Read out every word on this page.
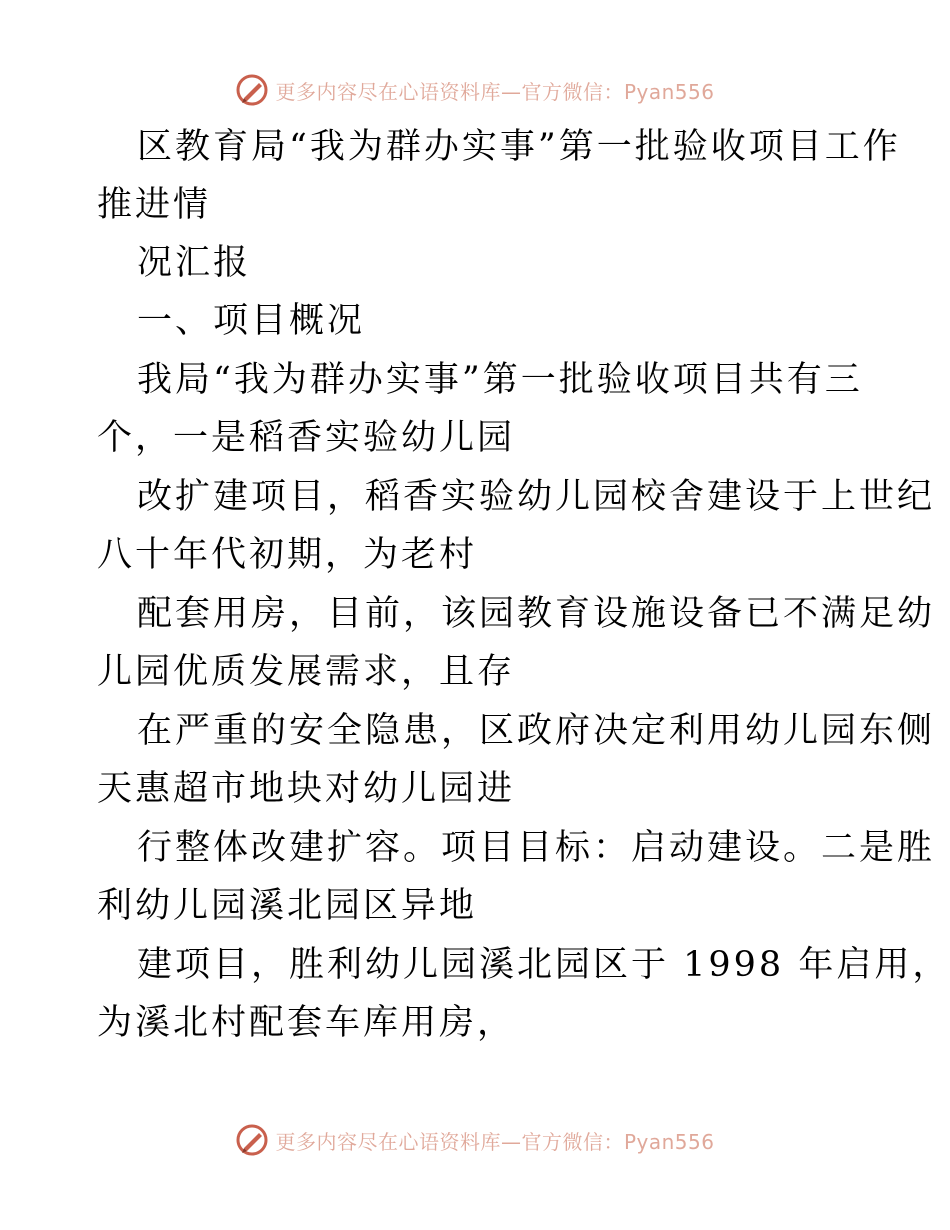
更多内容尽在心语资料库—官方微信：Pyan556
区教育局“我为群办实事”第一批验收项目工作
推进情
况汇报
一、项目概况
我局“我为群办实事”第一批验收项目共有三
个，一是稻香实验幼儿园
改扩建项目，稻香实验幼儿园校舍建设于上世纪
八十年代初期，为老村
配套用房，目前，该园教育设施设备已不满足幼
儿园优质发展需求，且存
在严重的安全隐患，区政府决定利用幼儿园东侧
天惠超市地块对幼儿园进
行整体改建扩容。项目目标：启动建设。二是胜
利幼儿园溪北园区异地
建项目，胜利幼儿园溪北园区于 1998 年启用，
为溪北村配套车库用房，
更多内容尽在心语资料库—官方微信：Pyan556
